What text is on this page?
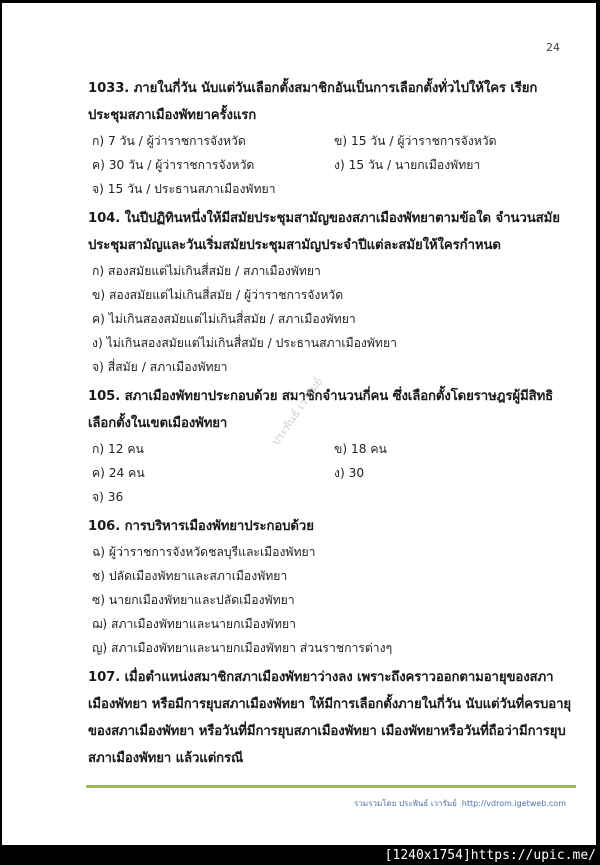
24

1033. ภายในกี่วัน นับแต่วันเลือกตั้งสมาชิกอันเป็นการเลือกตั้งทั่วไปให้ใคร เรียกประชุมสภาเมืองพัทยาครั้งแรก

ก) 7 วัน / ผู้ว่าราชการจังหวัด	ข) 15 วัน / ผู้ว่าราชการจังหวัด
ค) 30 วัน / ผู้ว่าราชการจังหวัด	ง) 15 วัน / นายกเมืองพัทยา
จ) 15 วัน / ประธานสภาเมืองพัทยา

104. ในปีปฏิทินหนึ่งให้มีสมัยประชุมสามัญของสภาเมืองพัทยาตามข้อใด จำนวนสมัยประชุมสามัญและวันเริ่มสมัยประชุมสามัญประจำปีแต่ละสมัยให้ใครกำหนด

ก) สองสมัยแต่ไม่เกินสี่สมัย / สภาเมืองพัทยา
ข) สองสมัยแต่ไม่เกินสี่สมัย / ผู้ว่าราชการจังหวัด
ค) ไม่เกินสองสมัยแต่ไม่เกินสี่สมัย / สภาเมืองพัทยา
ง) ไม่เกินสองสมัยแต่ไม่เกินสี่สมัย / ประธานสภาเมืองพัทยา
จ) สี่สมัย / สภาเมืองพัทยา

105. สภาเมืองพัทยาประกอบด้วย สมาชิกจำนวนกี่คน ซึ่งเลือกตั้งโดยราษฎรผู้มีสิทธิเลือกตั้งในเขตเมืองพัทยา

ก) 12 คน	ข) 18 คน
ค) 24 คน	ง) 30
จ) 36

106. การบริหารเมืองพัทยาประกอบด้วย

ฉ) ผู้ว่าราชการจังหวัดชลบุรีและเมืองพัทยา
ช) ปลัดเมืองพัทยาและสภาเมืองพัทยา
ซ) นายกเมืองพัทยาและปลัดเมืองพัทยา
ฌ) สภาเมืองพัทยาและนายกเมืองพัทยา
ญ) สภาเมืองพัทยาและนายกเมืองพัทยา ส่วนราชการต่างๆ

107. เมื่อตำแหน่งสมาชิกสภาเมืองพัทยาว่างลง เพราะถึงคราวออกตามอายุของสภาเมืองพัทยา หรือมีการยุบสภาเมืองพัทยา ให้มีการเลือกตั้งภายในกี่วัน นับแต่วันที่ครบอายุของสภาเมืองพัทยา หรือวันที่มีการยุบสภาเมืองพัทยา เมืองพัทยาหรือวันที่ถือว่ามีการยุบสภาเมืองพัทยา แล้วแต่กรณี

ประพันธ์ เวารัมย์
รวมรวมโดย ประพันธ์ เวารัมย์ http://vdrom.igetweb.com
[1240x1754]https://upic.me/
